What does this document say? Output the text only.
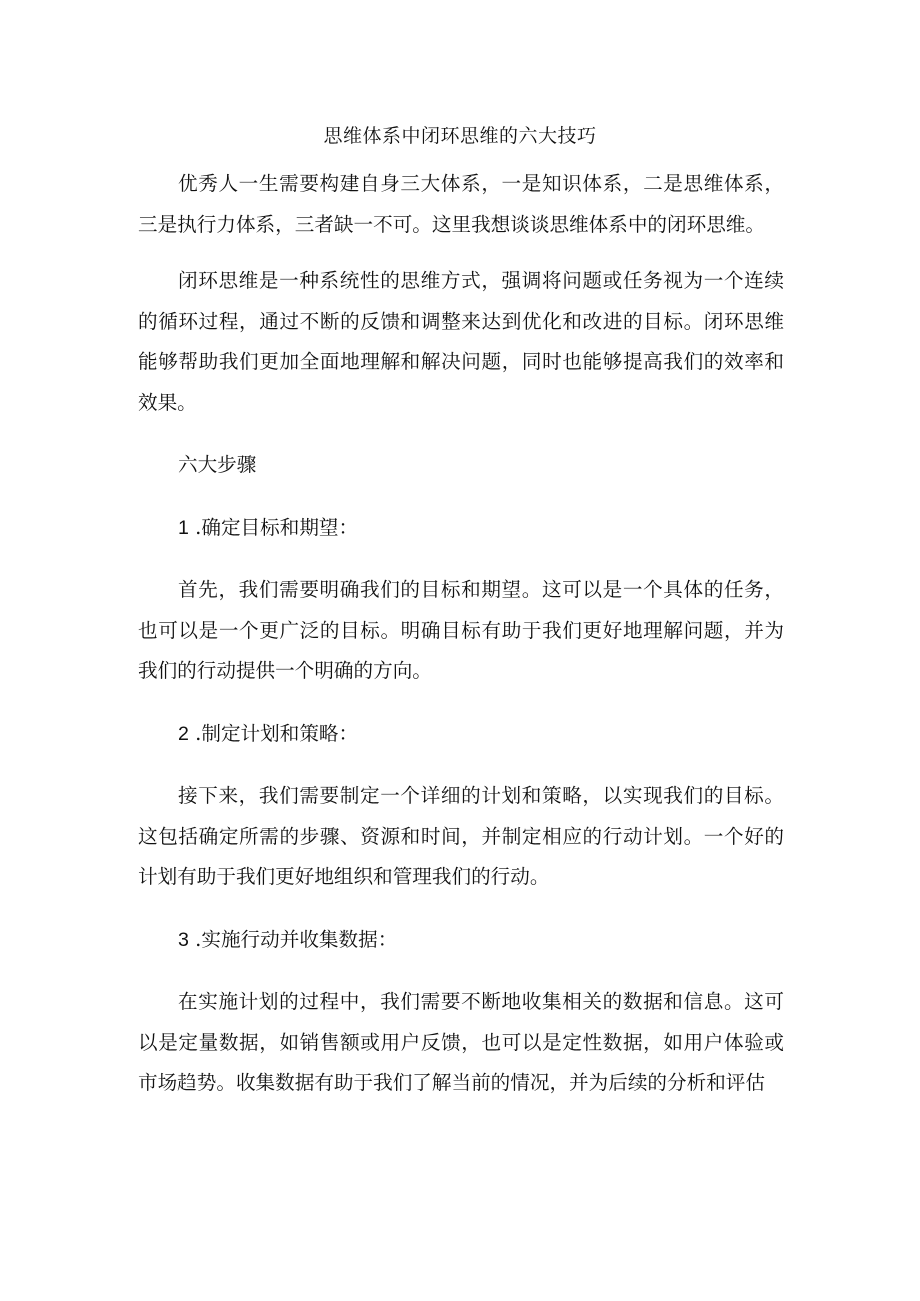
思维体系中闭环思维的六大技巧

优秀人一生需要构建自身三大体系，一是知识体系，二是思维体系，三是执行力体系，三者缺一不可。这里我想谈谈思维体系中的闭环思维。

闭环思维是一种系统性的思维方式，强调将问题或任务视为一个连续的循环过程，通过不断的反馈和调整来达到优化和改进的目标。闭环思维能够帮助我们更加全面地理解和解决问题，同时也能够提高我们的效率和效果。

六大步骤

1 .确定目标和期望：

首先，我们需要明确我们的目标和期望。这可以是一个具体的任务，也可以是一个更广泛的目标。明确目标有助于我们更好地理解问题，并为我们的行动提供一个明确的方向。

2 .制定计划和策略：

接下来，我们需要制定一个详细的计划和策略，以实现我们的目标。这包括确定所需的步骤、资源和时间，并制定相应的行动计划。一个好的计划有助于我们更好地组织和管理我们的行动。

3 .实施行动并收集数据：

在实施计划的过程中，我们需要不断地收集相关的数据和信息。这可以是定量数据，如销售额或用户反馈，也可以是定性数据，如用户体验或市场趋势。收集数据有助于我们了解当前的情况，并为后续的分析和评估
